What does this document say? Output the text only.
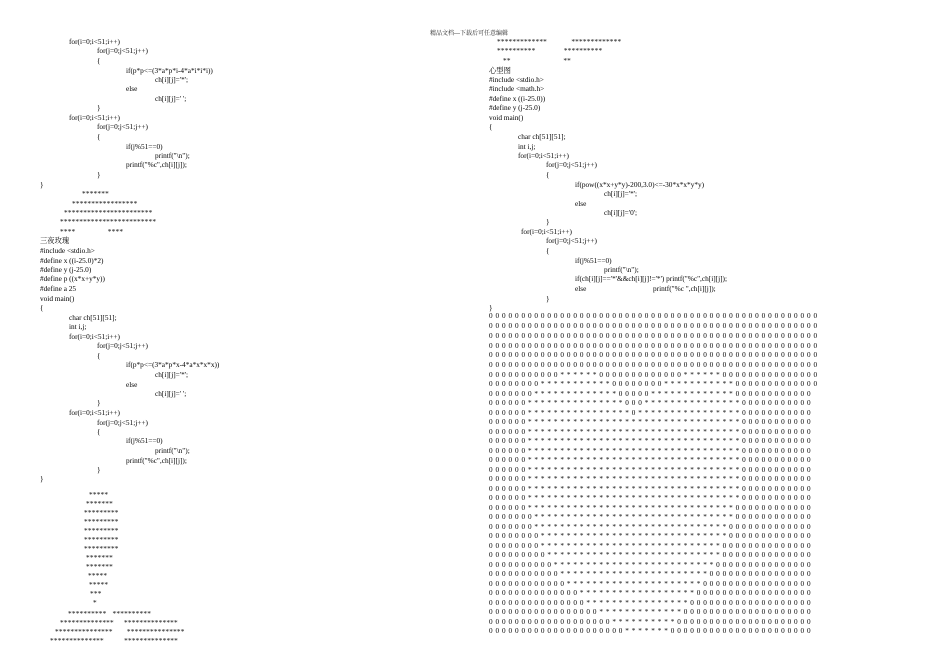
精品文档---下载后可任意编辑
for(i=0;i<51;i++)
for(j=0;j<51;j++)
{
if(p*p<=(3*a*p*i-4*a*i*i*i))
ch[i][j]='*';
else
ch[i][j]=' ';
}
for(i=0;i<51;i++)
for(j=0;j<51;j++)
{
if(j%51==0)
printf("\n");
printf("%c",ch[i][j]);
}
}
*******
*****************
***********************
*************************
****                ****
三夜玫瑰
#include <stdio.h>
#define x ((i-25.0)*2)
#define y (j-25.0)
#define p ((x*x+y*y))
#define a 25
void main()
{
char ch[51][51];
int i,j;
for(i=0;i<51;i++)
for(j=0;j<51;j++)
{
if(p*p<=(3*a*p*x-4*a*x*x*x))
ch[i][j]='*';
else
ch[i][j]=' ';
}
for(i=0;i<51;i++)
for(j=0;j<51;j++)
{
if(j%51==0)
printf("\n");
printf("%c",ch[i][j]);
}
}
*****
*******
*********
*********
*********
*********
*********
*******
*******
*****
*****
***
*
**********   **********
**************     **************
***************       ***************
**************          **************
*************            *************
**********              **********
**                          **
心型图
#include <stdio.h>
#include <math.h>
#define x ((i-25.0))
#define y (j-25.0)
void main()
{
char ch[51][51];
int i,j;
for(i=0;i<51;i++)
for(j=0;j<51;j++)
{
if(pow((x*x+y*y)-200,3.0)<=-30*x*x*y*y)
ch[i][j]='*';
else
ch[i][j]='0';
}
for(i=0;i<51;i++)
for(j=0;j<51;j++)
{
if(j%51==0)
printf("\n");
if(ch[i][j]=='*'&&ch[i][j]!='*') printf("%c",ch[i][j]);
else	printf("%c ",ch[i][j]);
}
}
0 0 0 0 0 0 0 0 0 0 0 0 0 0 0 0 0 0 0 0 0 0 0 0 0 0 0 0 0 0 0 0 0 0 0 0 0 0 0 0 0 0 0 0 0 0 0 0 0 0 0
0 0 0 0 0 0 0 0 0 0 0 0 0 0 0 0 0 0 0 0 0 0 0 0 0 0 0 0 0 0 0 0 0 0 0 0 0 0 0 0 0 0 0 0 0 0 0 0 0 0 0
0 0 0 0 0 0 0 0 0 0 0 0 0 0 0 0 0 0 0 0 0 0 0 0 0 0 0 0 0 0 0 0 0 0 0 0 0 0 0 0 0 0 0 0 0 0 0 0 0 0 0
0 0 0 0 0 0 0 0 0 0 0 0 0 0 0 0 0 0 0 0 0 0 0 0 0 0 0 0 0 0 0 0 0 0 0 0 0 0 0 0 0 0 0 0 0 0 0 0 0 0 0
0 0 0 0 0 0 0 0 0 0 0 0 0 0 0 0 0 0 0 0 0 0 0 0 0 0 0 0 0 0 0 0 0 0 0 0 0 0 0 0 0 0 0 0 0 0 0 0 0 0 0
0 0 0 0 0 0 0 0 0 0 0 0 0 0 0 0 0 0 0 0 0 0 0 0 0 0 0 0 0 0 0 0 0 0 0 0 0 0 0 0 0 0 0 0 0 0 0 0 0 0 0
0 0 0 0 0 0 0 0 0 0 0 * * * * * * 0 0 0 0 0 0 0 0 0 0 0 0 0 * * * * * * 0 0 0 0 0 0 0 0 0 0 0 0 0 0 0
0 0 0 0 0 0 0 0 * * * * * * * * * * * 0 0 0 0 0 0 0 0 * * * * * * * * * * * 0 0 0 0 0 0 0 0 0 0 0 0 0
0 0 0 0 0 0 0 * * * * * * * * * * * * * 0 0 0 0 0 * * * * * * * * * * * * * 0 0 0 0 0 0 0 0 0 0 0 0
0 0 0 0 0 0 * * * * * * * * * * * * * * * 0 0 0 * * * * * * * * * * * * * * * 0 0 0 0 0 0 0 0 0 0 0
0 0 0 0 0 0 * * * * * * * * * * * * * * * * 0 * * * * * * * * * * * * * * * * 0 0 0 0 0 0 0 0 0 0 0
0 0 0 0 0 0 * * * * * * * * * * * * * * * * * * * * * * * * * * * * * * * * * 0 0 0 0 0 0 0 0 0 0 0
0 0 0 0 0 0 * * * * * * * * * * * * * * * * * * * * * * * * * * * * * * * * * 0 0 0 0 0 0 0 0 0 0 0
0 0 0 0 0 0 * * * * * * * * * * * * * * * * * * * * * * * * * * * * * * * * * 0 0 0 0 0 0 0 0 0 0 0
0 0 0 0 0 0 * * * * * * * * * * * * * * * * * * * * * * * * * * * * * * * * * 0 0 0 0 0 0 0 0 0 0 0
0 0 0 0 0 0 * * * * * * * * * * * * * * * * * * * * * * * * * * * * * * * * * 0 0 0 0 0 0 0 0 0 0 0
0 0 0 0 0 0 * * * * * * * * * * * * * * * * * * * * * * * * * * * * * * * * * 0 0 0 0 0 0 0 0 0 0 0
0 0 0 0 0 0 * * * * * * * * * * * * * * * * * * * * * * * * * * * * * * * * * 0 0 0 0 0 0 0 0 0 0 0
0 0 0 0 0 0 * * * * * * * * * * * * * * * * * * * * * * * * * * * * * * * * * 0 0 0 0 0 0 0 0 0 0 0
0 0 0 0 0 0 * * * * * * * * * * * * * * * * * * * * * * * * * * * * * * * * * 0 0 0 0 0 0 0 0 0 0 0
0 0 0 0 0 0 * * * * * * * * * * * * * * * * * * * * * * * * * * * * * * * * 0 0 0 0 0 0 0 0 0 0 0 0
0 0 0 0 0 0 0 * * * * * * * * * * * * * * * * * * * * * * * * * * * * * * * 0 0 0 0 0 0 0 0 0 0 0 0
0 0 0 0 0 0 0 * * * * * * * * * * * * * * * * * * * * * * * * * * * * * * 0 0 0 0 0 0 0 0 0 0 0 0 0
0 0 0 0 0 0 0 0 * * * * * * * * * * * * * * * * * * * * * * * * * * * * * 0 0 0 0 0 0 0 0 0 0 0 0 0
0 0 0 0 0 0 0 0 * * * * * * * * * * * * * * * * * * * * * * * * * * * * 0 0 0 0 0 0 0 0 0 0 0 0 0 0
0 0 0 0 0 0 0 0 0 * * * * * * * * * * * * * * * * * * * * * * * * * * * 0 0 0 0 0 0 0 0 0 0 0 0 0 0
0 0 0 0 0 0 0 0 0 0 * * * * * * * * * * * * * * * * * * * * * * * * * 0 0 0 0 0 0 0 0 0 0 0 0 0 0 0
0 0 0 0 0 0 0 0 0 0 0 * * * * * * * * * * * * * * * * * * * * * * * 0 0 0 0 0 0 0 0 0 0 0 0 0 0 0 0
0 0 0 0 0 0 0 0 0 0 0 0 * * * * * * * * * * * * * * * * * * * * * 0 0 0 0 0 0 0 0 0 0 0 0 0 0 0 0 0
0 0 0 0 0 0 0 0 0 0 0 0 0 0 * * * * * * * * * * * * * * * * * * 0 0 0 0 0 0 0 0 0 0 0 0 0 0 0 0 0 0
0 0 0 0 0 0 0 0 0 0 0 0 0 0 0 * * * * * * * * * * * * * * * * 0 0 0 0 0 0 0 0 0 0 0 0 0 0 0 0 0 0 0
0 0 0 0 0 0 0 0 0 0 0 0 0 0 0 0 0 * * * * * * * * * * * * * 0 0 0 0 0 0 0 0 0 0 0 0 0 0 0 0 0 0 0 0
0 0 0 0 0 0 0 0 0 0 0 0 0 0 0 0 0 0 0 * * * * * * * * * * 0 0 0 0 0 0 0 0 0 0 0 0 0 0 0 0 0 0 0 0 0
0 0 0 0 0 0 0 0 0 0 0 0 0 0 0 0 0 0 0 0 0 * * * * * * * 0 0 0 0 0 0 0 0 0 0 0 0 0 0 0 0 0 0 0 0 0 0
